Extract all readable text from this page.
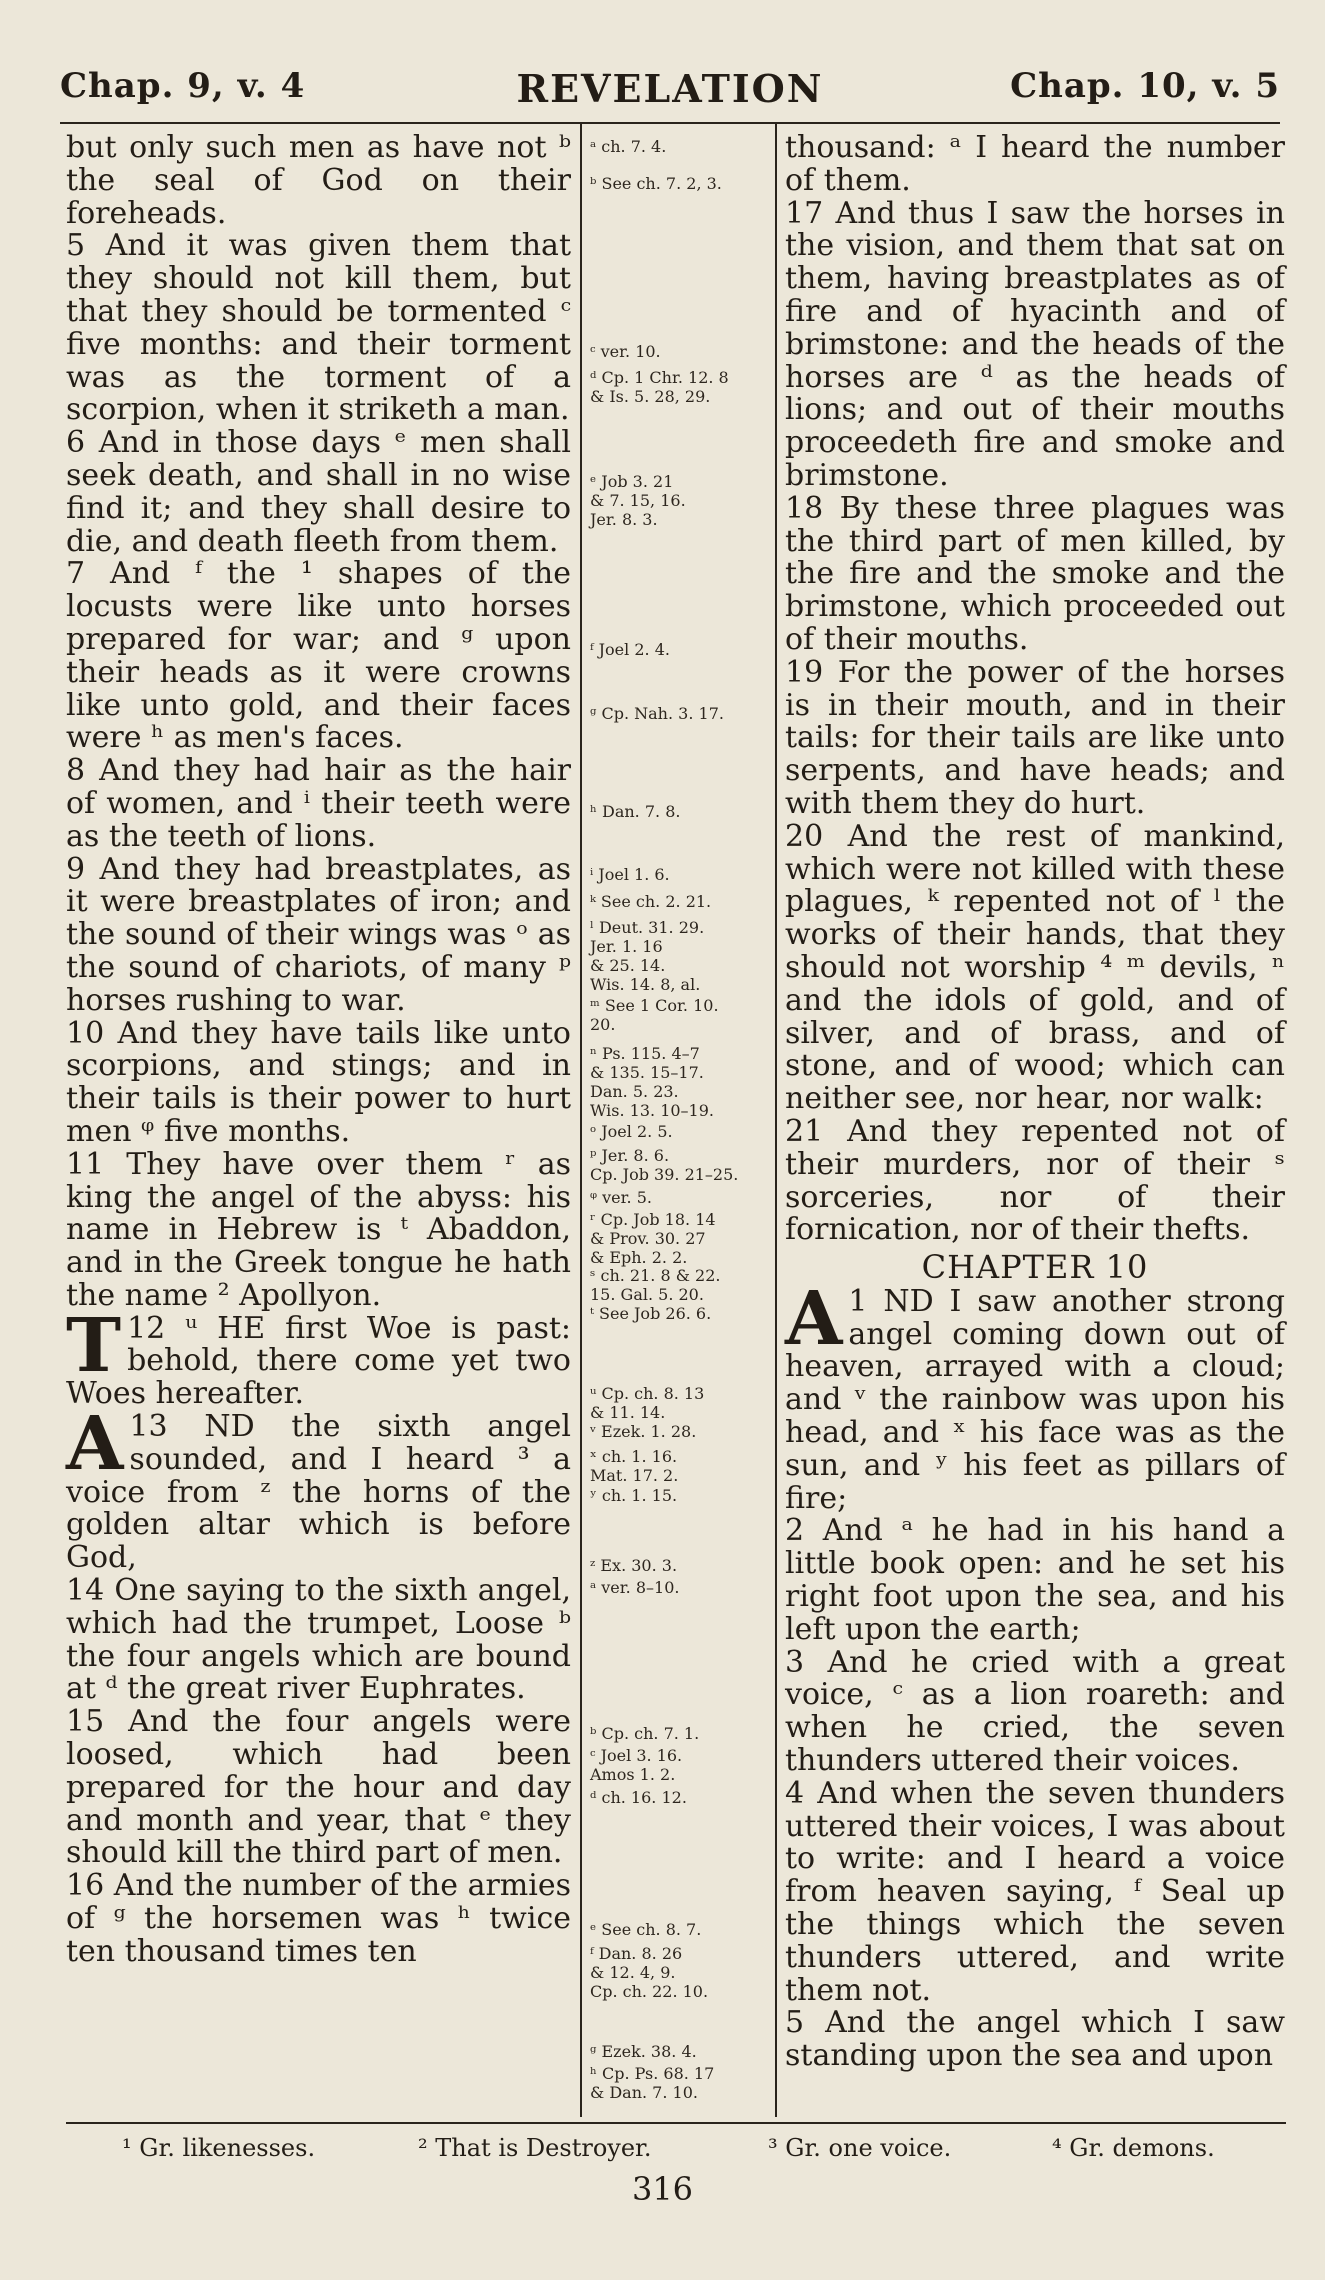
Chap. 9, v. 4	REVELATION	Chap. 10, v. 5

but only such men as have not ᵇ the seal of God on their foreheads.

5 And it was given them that they should not kill them, but that they should be tormented ᶜ five months: and their torment was as the torment of a scorpion, when it striketh a man.

6 And in those days ᵉ men shall seek death, and shall in no wise find it; and they shall desire to die, and death fleeth from them.

7 And ᶠ the ¹ shapes of the locusts were like unto horses prepared for war; and ᵍ upon their heads as it were crowns like unto gold, and their faces were ʰ as men's faces.

8 And they had hair as the hair of women, and ⁱ their teeth were as the teeth of lions.

9 And they had breastplates, as it were breastplates of iron; and the sound of their wings was ᵒ as the sound of chariots, of many ᵖ horses rushing to war.

10 And they have tails like unto scorpions, and stings; and in their tails is their power to hurt men ᵠ five months.

11 They have over them ʳ as king the angel of the abyss: his name in Hebrew is ᵗ Abaddon, and in the Greek tongue he hath the name ² Apollyon.

12 ᵘ
T	HE first Woe is past: behold, there come yet two Woes hereafter.

13
A	ND the sixth angel sounded, and I heard ³ a voice from ᶻ the horns of the golden altar which is before God,

14 One saying to the sixth angel, which had the trumpet, Loose ᵇ the four angels which are bound at ᵈ the great river Euphrates.

15 And the four angels were loosed, which had been prepared for the hour and day and month and year, that ᵉ they should kill the third part of men.

16 And the number of the armies of ᵍ the horsemen was ʰ twice ten thousand times ten

ᵃ ch. 7. 4.
ᵇ See ch. 7. 2, 3.
ᶜ ver. 10.
ᵈ Cp. 1 Chr. 12. 8
& Is. 5. 28, 29.
ᵉ Job 3. 21
& 7. 15, 16.
Jer. 8. 3.
ᶠ Joel 2. 4.
ᵍ Cp. Nah. 3. 17.
ʰ Dan. 7. 8.
ⁱ Joel 1. 6.
ᵏ See ch. 2. 21.
ˡ Deut. 31. 29.
Jer. 1. 16
& 25. 14.
Wis. 14. 8, al.
ᵐ See 1 Cor. 10.
20.
ⁿ Ps. 115. 4–7
& 135. 15–17.
Dan. 5. 23.
Wis. 13. 10–19.
ᵒ Joel 2. 5.
ᵖ Jer. 8. 6.
Cp. Job 39. 21–25.
ᵠ ver. 5.
ʳ Cp. Job 18. 14
& Prov. 30. 27
& Eph. 2. 2.
ˢ ch. 21. 8 & 22.
15. Gal. 5. 20.
ᵗ See Job 26. 6.
ᵘ Cp. ch. 8. 13
& 11. 14.
ᵛ Ezek. 1. 28.
ˣ ch. 1. 16.
Mat. 17. 2.
ʸ ch. 1. 15.
ᶻ Ex. 30. 3.
ᵃ ver. 8–10.
ᵇ Cp. ch. 7. 1.
ᶜ Joel 3. 16.
Amos 1. 2.
ᵈ ch. 16. 12.
ᵉ See ch. 8. 7.
ᶠ Dan. 8. 26
& 12. 4, 9.
Cp. ch. 22. 10.
ᵍ Ezek. 38. 4.
ʰ Cp. Ps. 68. 17
& Dan. 7. 10.

thousand: ᵃ I heard the number of them.

17 And thus I saw the horses in the vision, and them that sat on them, having breastplates as of fire and of hyacinth and of brimstone: and the heads of the horses are ᵈ as the heads of lions; and out of their mouths proceedeth fire and smoke and brimstone.

18 By these three plagues was the third part of men killed, by the fire and the smoke and the brimstone, which proceeded out of their mouths.

19 For the power of the horses is in their mouth, and in their tails: for their tails are like unto serpents, and have heads; and with them they do hurt.

20 And the rest of mankind, which were not killed with these plagues, ᵏ repented not of ˡ the works of their hands, that they should not worship ⁴ ᵐ devils, ⁿ and the idols of gold, and of silver, and of brass, and of stone, and of wood; which can neither see, nor hear, nor walk:

21 And they repented not of their murders, nor of their ˢ sorceries, nor of their fornication, nor of their thefts.

CHAPTER 10

1
A ND I saw another strong angel coming down out of heaven, arrayed with a cloud; and ᵛ the rainbow was upon his head, and ˣ his face was as the sun, and ʸ his feet as pillars of fire;

2 And ᵃ he had in his hand a little book open: and he set his right foot upon the sea, and his left upon the earth;

3 And he cried with a great voice, ᶜ as a lion roareth: and when he cried, the seven thunders uttered their voices.

4 And when the seven thunders uttered their voices, I was about to write: and I heard a voice from heaven saying, ᶠ Seal up the things which the seven thunders uttered, and write them not.

5 And the angel which I saw standing upon the sea and upon

¹ Gr. likenesses.	² That is Destroyer.	³ Gr. one voice.	⁴ Gr. demons.
316
